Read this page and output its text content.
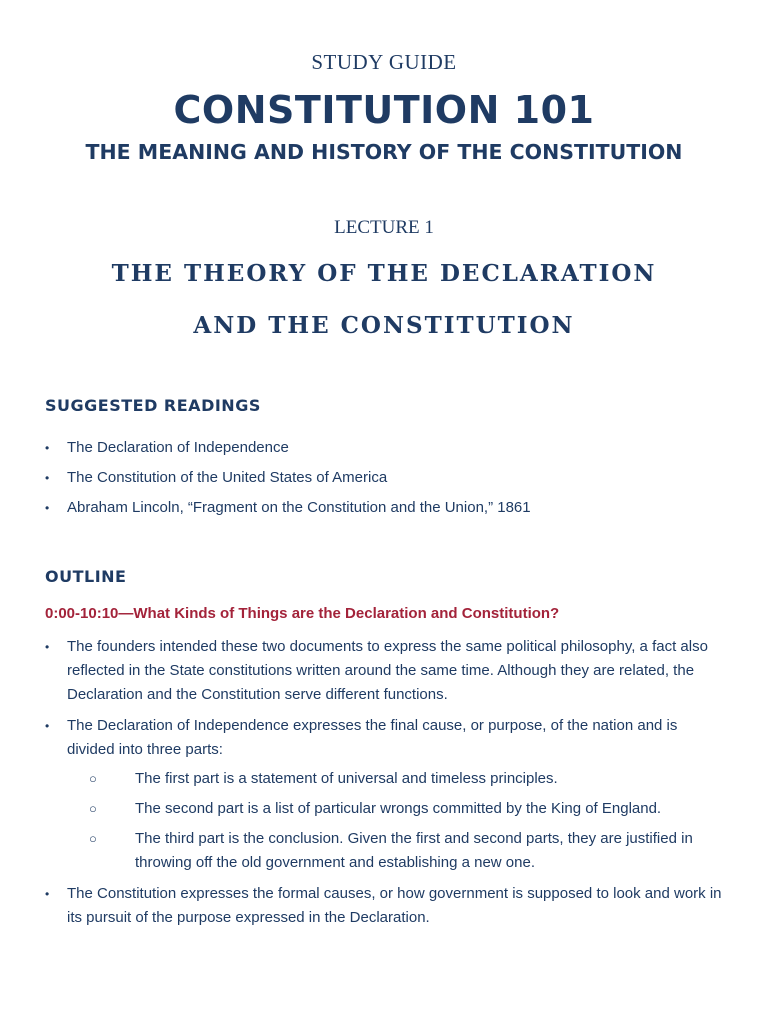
STUDY GUIDE
CONSTITUTION 101
THE MEANING AND HISTORY OF THE CONSTITUTION
LECTURE 1
THE THEORY OF THE DECLARATION
AND THE CONSTITUTION
SUGGESTED READINGS
• The Declaration of Independence
• The Constitution of the United States of America
• Abraham Lincoln, “Fragment on the Constitution and the Union,” 1861
OUTLINE
0:00-10:10—What Kinds of Things are the Declaration and Constitution?
• The founders intended these two documents to express the same political philosophy, a fact also reflected in the State constitutions written around the same time. Although they are related, the Declaration and the Constitution serve different functions.
• The Declaration of Independence expresses the final cause, or purpose, of the nation and is divided into three parts:
○	The first part is a statement of universal and timeless principles.
○	The second part is a list of particular wrongs committed by the King of England.
○	The third part is the conclusion. Given the first and second parts, they are justified in throwing off the old government and establishing a new one.
• The Constitution expresses the formal causes, or how government is supposed to look and work in its pursuit of the purpose expressed in the Declaration.
